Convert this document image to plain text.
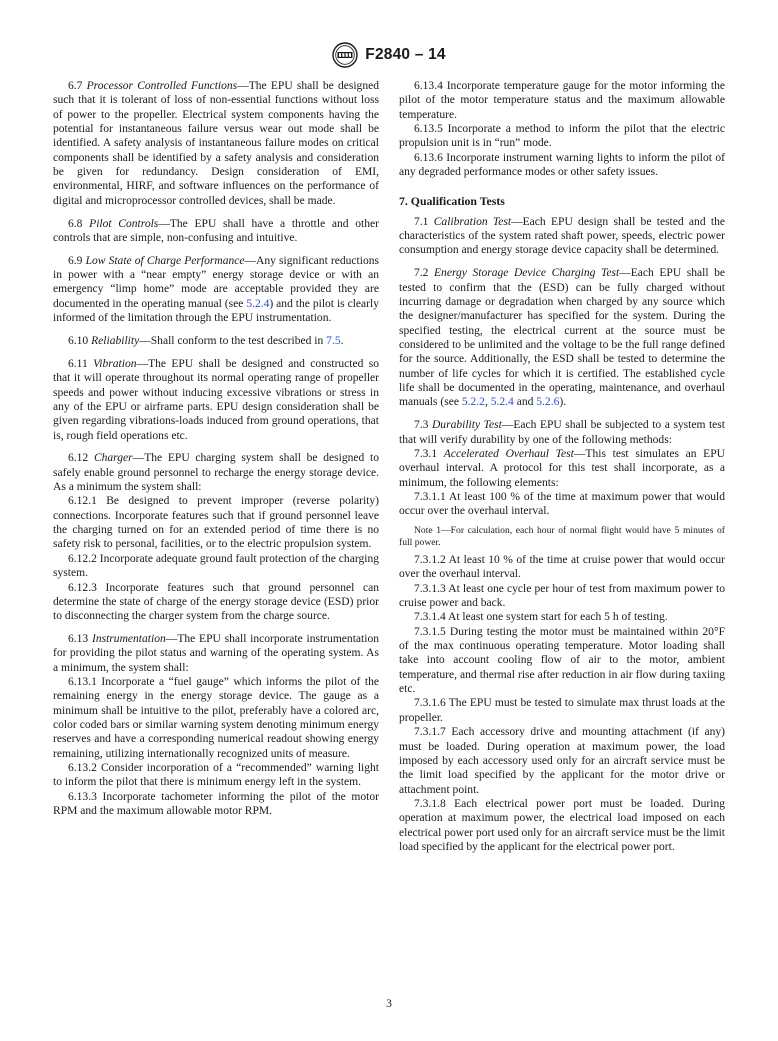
F2840 – 14

6.7 Processor Controlled Functions—The EPU shall be designed such that it is tolerant of loss of non-essential functions without loss of power to the propeller. Electrical system components having the potential for instantaneous failure versus wear out mode shall be identified. A safety analysis of instantaneous failure modes on critical components shall be identified by a safety analysis and consideration be given for redundancy. Design consideration of EMI, environmental, HIRF, and software influences on the performance of digital and microprocessor controlled devices, shall be made.

6.8 Pilot Controls—The EPU shall have a throttle and other controls that are simple, non-confusing and intuitive.

6.9 Low State of Charge Performance—Any significant reductions in power with a “near empty” energy storage device or with an emergency “limp home” mode are acceptable provided they are documented in the operating manual (see 5.2.4) and the pilot is clearly informed of the limitation through the EPU instrumentation.

6.10 Reliability—Shall conform to the test described in 7.5.

6.11 Vibration—The EPU shall be designed and constructed so that it will operate throughout its normal operating range of propeller speeds and power without inducing excessive vibrations or stress in any of the EPU or airframe parts. EPU design consideration shall be given regarding vibrations-loads induced from ground operations, that is, rough field operations etc.

6.12 Charger—The EPU charging system shall be designed to safely enable ground personnel to recharge the energy storage device. As a minimum the system shall:

6.12.1 Be designed to prevent improper (reverse polarity) connections. Incorporate features such that if ground personnel leave the charging turned on for an extended period of time there is no safety risk to personal, facilities, or to the electric propulsion system.

6.12.2 Incorporate adequate ground fault protection of the charging system.

6.12.3 Incorporate features such that ground personnel can determine the state of charge of the energy storage device (ESD) prior to disconnecting the charger system from the charge source.

6.13 Instrumentation—The EPU shall incorporate instrumentation for providing the pilot status and warning of the operating system. As a minimum, the system shall:

6.13.1 Incorporate a “fuel gauge” which informs the pilot of the remaining energy in the energy storage device. The gauge as a minimum shall be intuitive to the pilot, preferably have a colored arc, color coded bars or similar warning system denoting minimum energy reserves and have a corresponding numerical readout showing energy remaining, utilizing internationally recognized units of measure.

6.13.2 Consider incorporation of a “recommended” warning light to inform the pilot that there is minimum energy left in the system.

6.13.3 Incorporate tachometer informing the pilot of the motor RPM and the maximum allowable motor RPM.

6.13.4 Incorporate temperature gauge for the motor informing the pilot of the motor temperature status and the maximum allowable temperature.

6.13.5 Incorporate a method to inform the pilot that the electric propulsion unit is in “run” mode.

6.13.6 Incorporate instrument warning lights to inform the pilot of any degraded performance modes or other safety issues.

7. Qualification Tests

7.1 Calibration Test—Each EPU design shall be tested and the characteristics of the system rated shaft power, speeds, electric power consumption and energy storage device capacity shall be determined.

7.2 Energy Storage Device Charging Test—Each EPU shall be tested to confirm that the (ESD) can be fully charged without incurring damage or degradation when charged by any source which the designer/manufacturer has specified for the system. During the specified testing, the electrical current at the source must be considered to be unlimited and the voltage to be the full range defined for the source. Additionally, the ESD shall be tested to determine the number of life cycles for which it is certified. The established cycle life shall be documented in the operating, maintenance, and overhaul manuals (see 5.2.2, 5.2.4 and 5.2.6).

7.3 Durability Test—Each EPU shall be subjected to a system test that will verify durability by one of the following methods:

7.3.1 Accelerated Overhaul Test—This test simulates an EPU overhaul interval. A protocol for this test shall incorporate, as a minimum, the following elements:

7.3.1.1 At least 100 % of the time at maximum power that would occur over the overhaul interval.

Note 1—For calculation, each hour of normal flight would have 5 minutes of full power.

7.3.1.2 At least 10 % of the time at cruise power that would occur over the overhaul interval.

7.3.1.3 At least one cycle per hour of test from maximum power to cruise power and back.

7.3.1.4 At least one system start for each 5 h of testing.

7.3.1.5 During testing the motor must be maintained within 20°F of the max continuous operating temperature. Motor loading shall take into account cooling flow of air to the motor, ambient temperature, and thermal rise after reduction in air flow during taxiing etc.

7.3.1.6 The EPU must be tested to simulate max thrust loads at the propeller.

7.3.1.7 Each accessory drive and mounting attachment (if any) must be loaded. During operation at maximum power, the load imposed by each accessory used only for an aircraft service must be the limit load specified by the applicant for the motor drive or attachment point.

7.3.1.8 Each electrical power port must be loaded. During operation at maximum power, the electrical load imposed on each electrical power port used only for an aircraft service must be the limit load specified by the applicant for the electrical power port.

3
